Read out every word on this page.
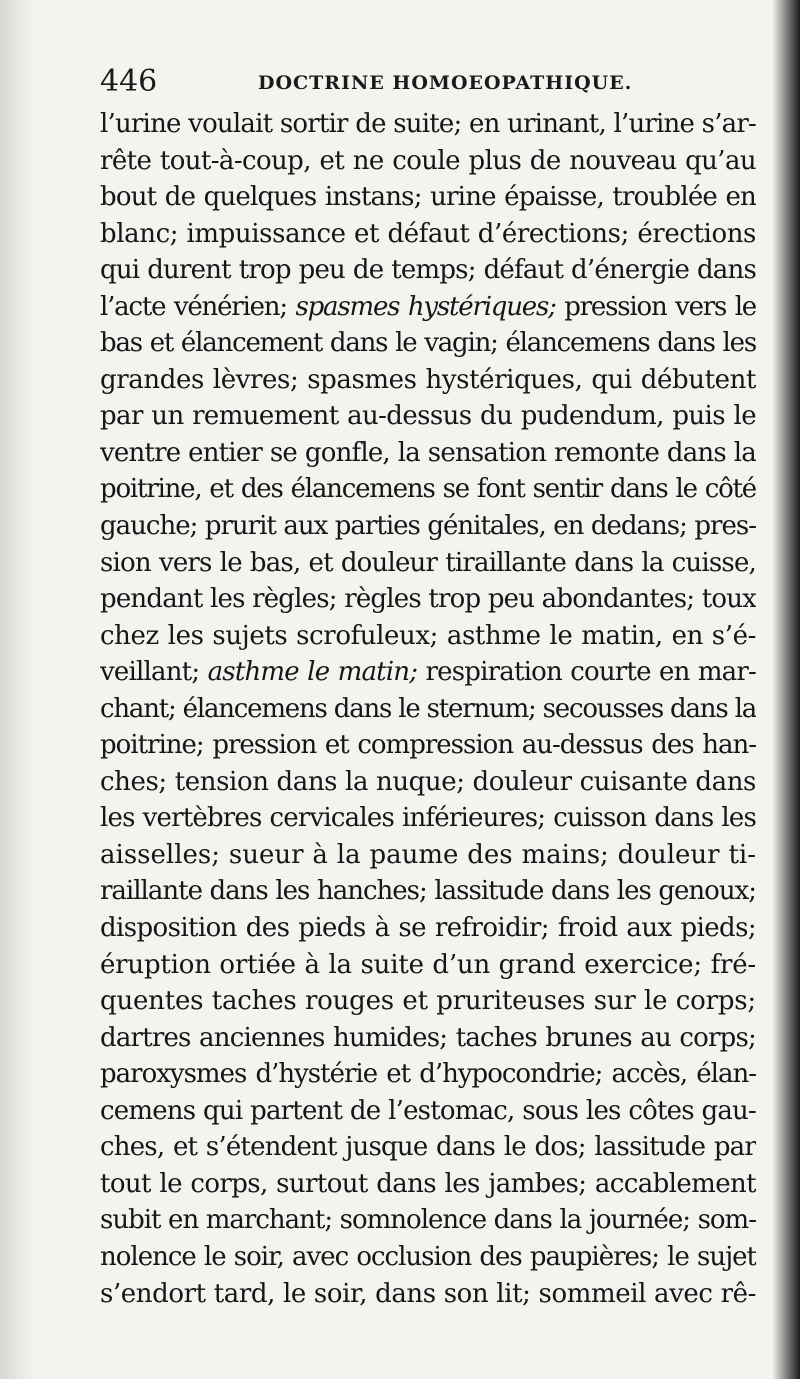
446	DOCTRINE HOMOEOPATHIQUE.
l’urine voulait sortir de suite; en urinant, l’urine s’ar-
rête tout-à-coup, et ne coule plus de nouveau qu’au
bout de quelques instans; urine épaisse, troublée en
blanc; impuissance et défaut d’érections; érections
qui durent trop peu de temps; défaut d’énergie dans
l’acte vénérien; spasmes hystériques; pression vers le
bas et élancement dans le vagin; élancemens dans les
grandes lèvres; spasmes hystériques, qui débutent
par un remuement au-dessus du pudendum, puis le
ventre entier se gonfle, la sensation remonte dans la
poitrine, et des élancemens se font sentir dans le côté
gauche; prurit aux parties génitales, en dedans; pres-
sion vers le bas, et douleur tiraillante dans la cuisse,
pendant les règles; règles trop peu abondantes; toux
chez les sujets scrofuleux; asthme le matin, en s’é-
veillant; asthme le matin; respiration courte en mar-
chant; élancemens dans le sternum; secousses dans la
poitrine; pression et compression au-dessus des han-
ches; tension dans la nuque; douleur cuisante dans
les vertèbres cervicales inférieures; cuisson dans les
aisselles; sueur à la paume des mains; douleur ti-
raillante dans les hanches; lassitude dans les genoux;
disposition des pieds à se refroidir; froid aux pieds;
éruption ortiée à la suite d’un grand exercice; fré-
quentes taches rouges et pruriteuses sur le corps;
dartres anciennes humides; taches brunes au corps;
paroxysmes d’hystérie et d’hypocondrie; accès, élan-
cemens qui partent de l’estomac, sous les côtes gau-
ches, et s’étendent jusque dans le dos; lassitude par
tout le corps, surtout dans les jambes; accablement
subit en marchant; somnolence dans la journée; som-
nolence le soir, avec occlusion des paupières; le sujet
s’endort tard, le soir, dans son lit; sommeil avec rê-
